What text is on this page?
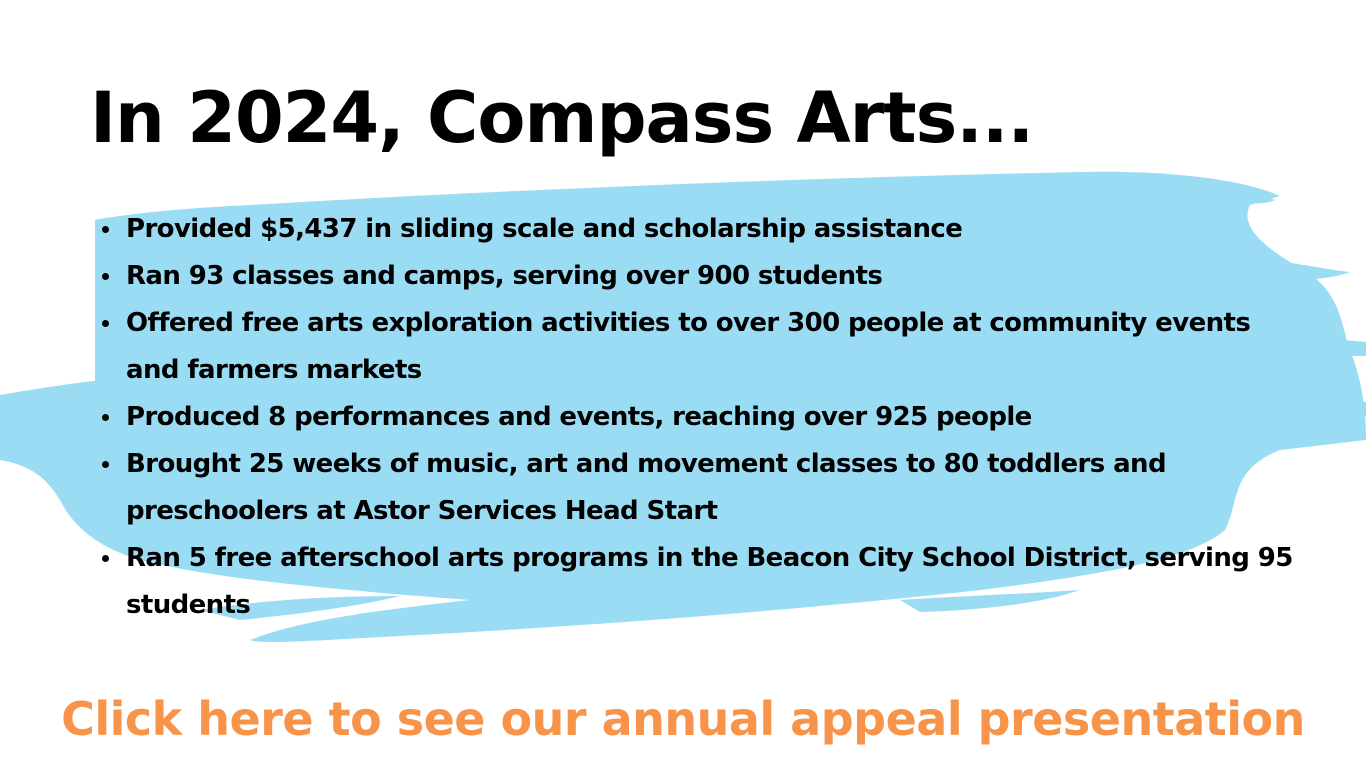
In 2024, Compass Arts...
Provided $5,437 in sliding scale and scholarship assistance
Ran 93 classes and camps, serving over 900 students
Offered free arts exploration activities to over 300 people at community events and farmers markets
Produced 8 performances and events, reaching over 925 people
Brought 25 weeks of music, art and movement classes to 80 toddlers and preschoolers at Astor Services Head Start
Ran 5 free afterschool arts programs in the Beacon City School District, serving 95 students
Click here to see our annual appeal presentation
